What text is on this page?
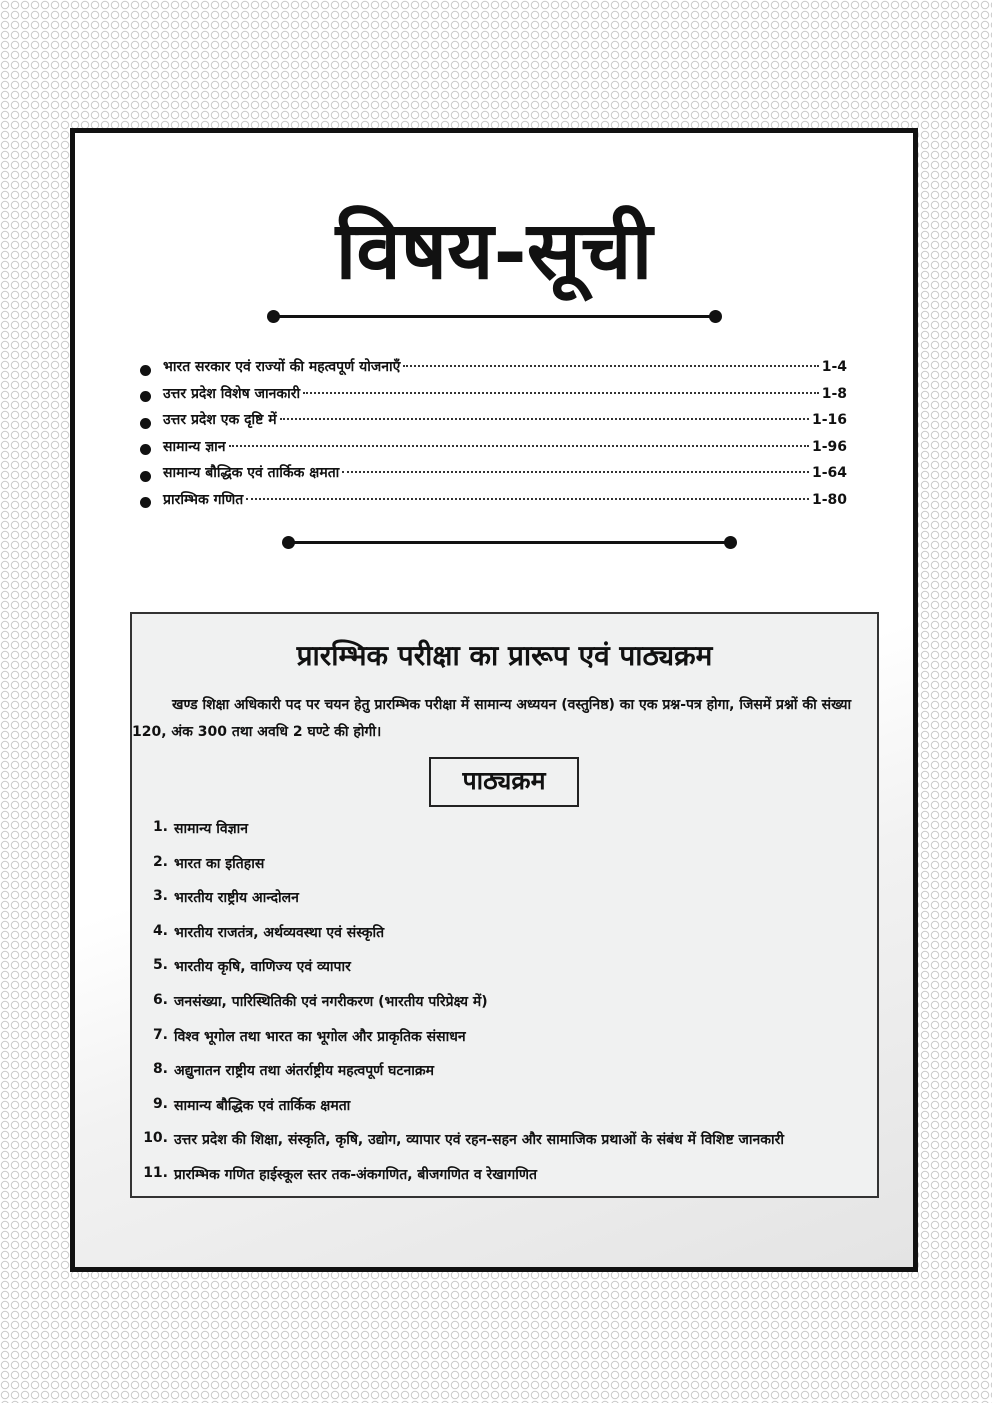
विषय-सूची
भारत सरकार एवं राज्यों की महत्वपूर्ण योजनाएँ	1-4
उत्तर प्रदेश विशेष जानकारी	1-8
उत्तर प्रदेश एक दृष्टि में	1-16
सामान्य ज्ञान	1-96
सामान्य बौद्धिक एवं तार्किक क्षमता	1-64
प्रारम्भिक गणित	1-80
प्रारम्भिक परीक्षा का प्रारूप एवं पाठ्यक्रम
खण्ड शिक्षा अधिकारी पद पर चयन हेतु प्रारम्भिक परीक्षा में सामान्य अध्ययन (वस्तुनिष्ठ) का एक प्रश्न-पत्र होगा, जिसमें प्रश्नों की संख्या 120, अंक 300 तथा अवधि 2 घण्टे की होगी।
पाठ्यक्रम
1. सामान्य विज्ञान
2. भारत का इतिहास
3. भारतीय राष्ट्रीय आन्दोलन
4. भारतीय राजतंत्र, अर्थव्यवस्था एवं संस्कृति
5. भारतीय कृषि, वाणिज्य एवं व्यापार
6. जनसंख्या, पारिस्थितिकी एवं नगरीकरण (भारतीय परिप्रेक्ष्य में)
7. विश्व भूगोल तथा भारत का भूगोल और प्राकृतिक संसाधन
8. अद्युनातन राष्ट्रीय तथा अंतर्राष्ट्रीय महत्वपूर्ण घटनाक्रम
9. सामान्य बौद्धिक एवं तार्किक क्षमता
10. उत्तर प्रदेश की शिक्षा, संस्कृति, कृषि, उद्योग, व्यापार एवं रहन-सहन और सामाजिक प्रथाओं के संबंध में विशिष्ट जानकारी
11. प्रारम्भिक गणित हाईस्कूल स्तर तक-अंकगणित, बीजगणित व रेखागणित
